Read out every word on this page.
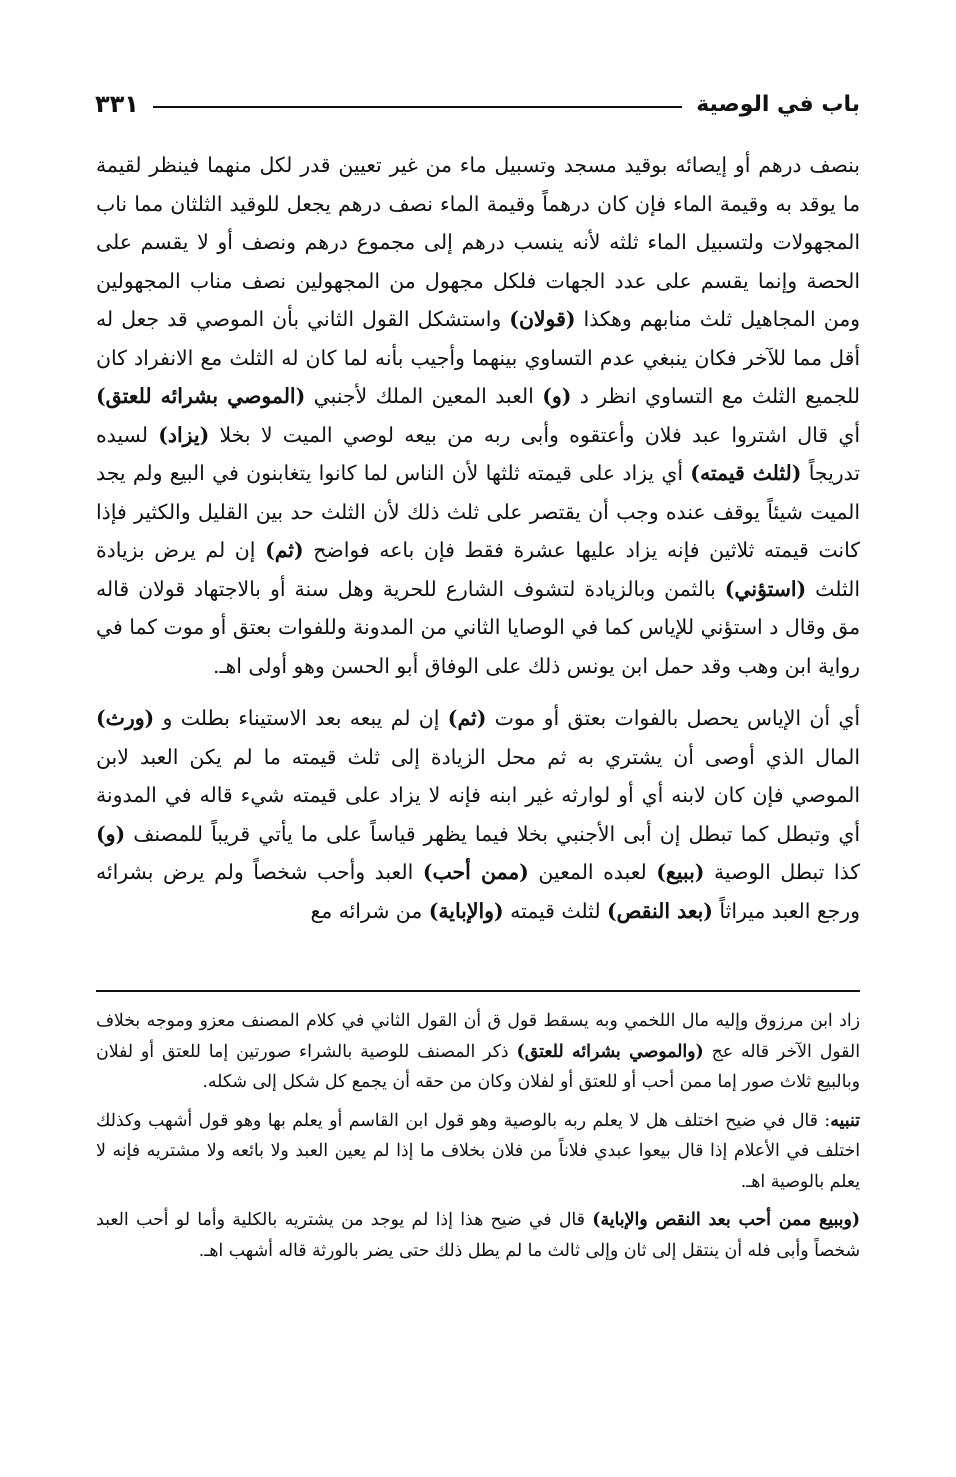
باب في الوصية
٣٣١

بنصف درهم أو إيصائه بوقيد مسجد وتسبيل ماء من غير تعيين قدر لكل منهما فينظر لقيمة ما يوقد به وقيمة الماء فإن كان درهماً وقيمة الماء نصف درهم يجعل للوقيد الثلثان مما ناب المجهولات ولتسبيل الماء ثلثه لأنه ينسب درهم إلى مجموع درهم ونصف أو لا يقسم على الحصة وإنما يقسم على عدد الجهات فلكل مجهول من المجهولين نصف مناب المجهولين ومن المجاهيل ثلث منابهم وهكذا (قولان) واستشكل القول الثاني بأن الموصي قد جعل له أقل مما للآخر فكان ينبغي عدم التساوي بينهما وأجيب بأنه لما كان له الثلث مع الانفراد كان للجميع الثلث مع التساوي انظر د (و) العبد المعين الملك لأجنبي (الموصي بشرائه للعتق) أي قال اشتروا عبد فلان وأعتقوه وأبى ربه من بيعه لوصي الميت لا بخلا (يزاد) لسيده تدريجاً (لثلث قيمته) أي يزاد على قيمته ثلثها لأن الناس لما كانوا يتغابنون في البيع ولم يجد الميت شيئاً يوقف عنده وجب أن يقتصر على ثلث ذلك لأن الثلث حد بين القليل والكثير فإذا كانت قيمته ثلاثين فإنه يزاد عليها عشرة فقط فإن باعه فواضح (ثم) إن لم يرض بزيادة الثلث (استؤني) بالثمن وبالزيادة لتشوف الشارع للحرية وهل سنة أو بالاجتهاد قولان قاله مق وقال د استؤني للإياس كما في الوصايا الثاني من المدونة وللفوات بعتق أو موت كما في رواية ابن وهب وقد حمل ابن يونس ذلك على الوفاق أبو الحسن وهو أولى اهـ.

أي أن الإياس يحصل بالفوات بعتق أو موت (ثم) إن لم يبعه بعد الاستيناء بطلت و (ورث) المال الذي أوصى أن يشتري به ثم محل الزيادة إلى ثلث قيمته ما لم يكن العبد لابن الموصي فإن كان لابنه أي أو لوارثه غير ابنه فإنه لا يزاد على قيمته شيء قاله في المدونة أي وتبطل كما تبطل إن أبى الأجنبي بخلا فيما يظهر قياساً على ما يأتي قريباً للمصنف (و) كذا تبطل الوصية (ببيع) لعبده المعين (ممن أحب) العبد وأحب شخصاً ولم يرض بشرائه ورجع العبد ميراثاً (بعد النقص) لثلث قيمته (والإباية) من شرائه مع

زاد ابن مرزوق وإليه مال اللخمي وبه يسقط قول ق أن القول الثاني في كلام المصنف معزو وموجه بخلاف القول الآخر قاله عج (والموصي بشرائه للعتق) ذكر المصنف للوصية بالشراء صورتين إما للعتق أو لفلان وبالبيع ثلاث صور إما ممن أحب أو للعتق أو لفلان وكان من حقه أن يجمع كل شكل إلى شكله.

تنبيه: قال في ضيح اختلف هل لا يعلم ربه بالوصية وهو قول ابن القاسم أو يعلم بها وهو قول أشهب وكذلك اختلف في الأعلام إذا قال بيعوا عبدي فلاناً من فلان بخلاف ما إذا لم يعين العبد ولا بائعه ولا مشتريه فإنه لا يعلم بالوصية اهـ.

(وببيع ممن أحب بعد النقص والإباية) قال في ضيح هذا إذا لم يوجد من يشتريه بالكلية وأما لو أحب العبد شخصاً وأبى فله أن ينتقل إلى ثان وإلى ثالث ما لم يطل ذلك حتى يضر بالورثة قاله أشهب اهـ.
